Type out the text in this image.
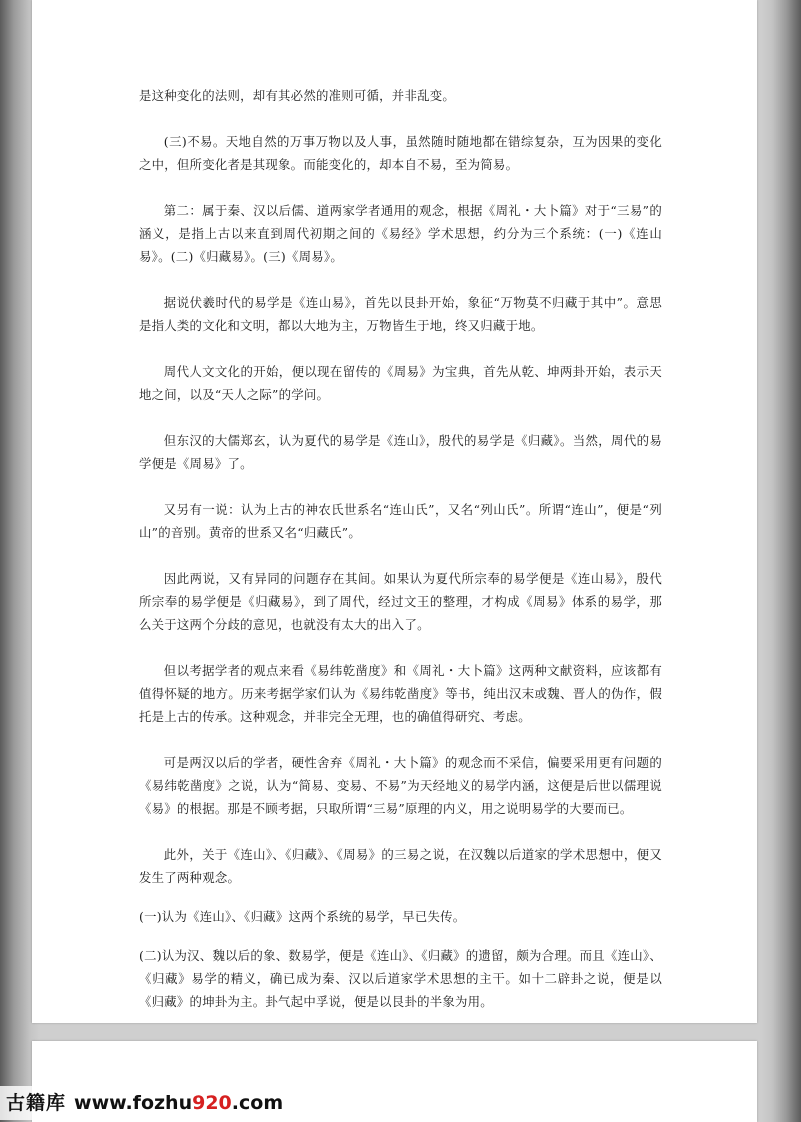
是这种变化的法则，却有其必然的准则可循，并非乱变。

(三)不易。天地自然的万事万物以及人事，虽然随时随地都在错综复杂，互为因果的变化之中，但所变化者是其现象。而能变化的，却本自不易，至为简易。

第二：属于秦、汉以后儒、道两家学者通用的观念，根据《周礼・大卜篇》对于“三易”的涵义，是指上古以来直到周代初期之间的《易经》学术思想，约分为三个系统：(一)《连山易》。(二)《归藏易》。(三)《周易》。

据说伏羲时代的易学是《连山易》，首先以艮卦开始，象征“万物莫不归藏于其中”。意思是指人类的文化和文明，都以大地为主，万物皆生于地，终又归藏于地。

周代人文文化的开始，便以现在留传的《周易》为宝典，首先从乾、坤两卦开始，表示天地之间，以及“天人之际”的学问。

但东汉的大儒郑玄，认为夏代的易学是《连山》，殷代的易学是《归藏》。当然，周代的易学便是《周易》了。

又另有一说：认为上古的神农氏世系名“连山氏”，又名“列山氏”。所谓“连山”，便是“列山”的音别。黄帝的世系又名“归藏氏”。

因此两说，又有异同的问题存在其间。如果认为夏代所宗奉的易学便是《连山易》，殷代所宗奉的易学便是《归藏易》，到了周代，经过文王的整理，才构成《周易》体系的易学，那么关于这两个分歧的意见，也就没有太大的出入了。

但以考据学者的观点来看《易纬乾凿度》和《周礼・大卜篇》这两种文献资料，应该都有值得怀疑的地方。历来考据学家们认为《易纬乾凿度》等书，纯出汉末或魏、晋人的伪作，假托是上古的传承。这种观念，并非完全无理，也的确值得研究、考虑。

可是两汉以后的学者，硬性舍弃《周礼・大卜篇》的观念而不采信，偏要采用更有问题的《易纬乾凿度》之说，认为“简易、变易、不易”为天经地义的易学内涵，这便是后世以儒理说《易》的根据。那是不顾考据，只取所谓“三易”原理的内义，用之说明易学的大要而已。

此外，关于《连山》、《归藏》、《周易》的三易之说，在汉魏以后道家的学术思想中，便又发生了两种观念。

(一)认为《连山》、《归藏》这两个系统的易学，早已失传。

(二)认为汉、魏以后的象、数易学，便是《连山》、《归藏》的遗留，颇为合理。而且《连山》、《归藏》易学的精义，确已成为秦、汉以后道家学术思想的主干。如十二辟卦之说，便是以《归藏》的坤卦为主。卦气起中孚说，便是以艮卦的半象为用。

古籍库 www.fozhu920.com
